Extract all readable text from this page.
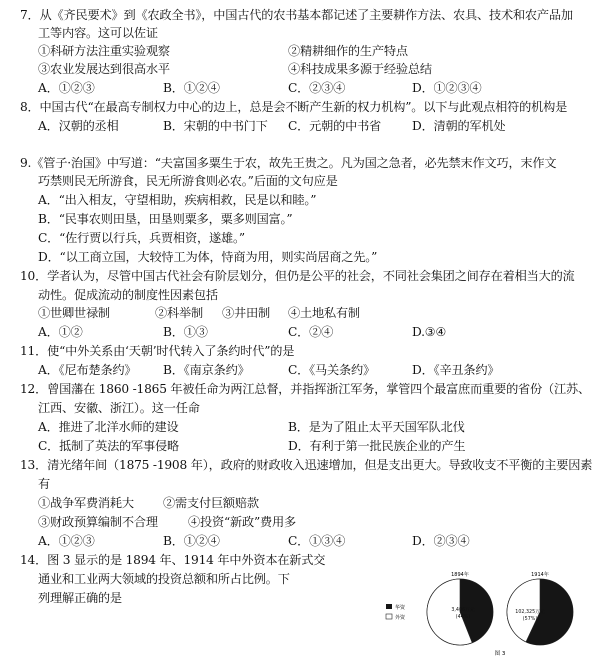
7．从《齐民要术》到《农政全书》，中国古代的农书基本都记述了主要耕作方法、农具、技术和农产品加
工等内容。这可以佐证
①科研方法注重实验观察	②精耕细作的生产特点
③农业发展达到很高水平	④科技成果多源于经验总结
A．①②③	B．①②④	C．②③④	D．①②③④
8．中国古代“在最高专制权力中心的边上，总是会不断产生新的权力机构”。以下与此观点相符的机构是
A．汉朝的丞相	B．宋朝的中书门下 C．元朝的中书省	D．清朝的军机处
9.《管子·治国》中写道：“夫富国多粟生于农，故先王贵之。凡为国之急者，必先禁末作文巧，末作文
巧禁则民无所游食，民无所游食则必农。”后面的文句应是
A．“出入相友，守望相助，疾病相救，民是以和睦。”
B．“民事农则田垦，田垦则粟多，粟多则国富。”
C．“佐行贾以行兵，兵贾相资，遂雄。”
D．“以工商立国，大较恃工为体，恃商为用，则实尚居商之先。”
10．学者认为，尽管中国古代社会有阶层划分，但仍是公平的社会，不同社会集团之间存在着相当大的流
动性。促成流动的制度性因素包括
①世卿世禄制	②科举制 ③井田制 ④土地私有制
A．①②	B．①③	C．②④	D.③④
11．使“中外关系由‘天朝’时代转入了条约时代”的是
A．《尼布楚条约》 B．《南京条约》	C．《马关条约》	D．《辛丑条约》
12．曾国藩在 1860 -1865 年被任命为两江总督，并指挥浙江军务，掌管四个最富庶而重要的省份（江苏、
江西、安徽、浙江）。这一任命
A．推进了北洋水师的建设	B．是为了阻止太平天国军队北伐
C．抵制了英法的军事侵略	D．有利于第一批民族企业的产生
13．清光绪年间（1875 -1908 年），政府的财政收入迅速增加，但是支出更大。导致收支不平衡的主要因素
有
①战争军费消耗大 ②需支付巨额赔款
③财政预算编制不合理 ④投资“新政”费用多
A．①②③	B．①②④	C．①③④	D．②③④
14．图 3 显示的是 1894 年、1914 年中外资本在新式交
通业和工业两大领域的投资总额和所占比例。下
列理解正确的是
1894年	1914年
3,406万元
(44%)
102,325万元
(57%)
华资
外资
图 3
